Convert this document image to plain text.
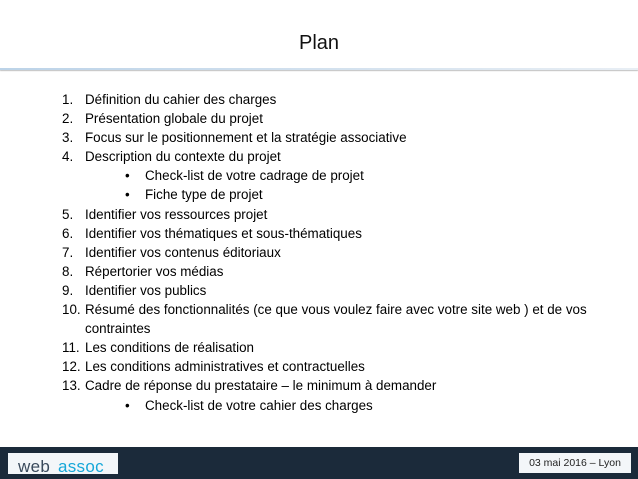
Plan
1. Définition du cahier des charges
2. Présentation globale du projet
3. Focus sur le positionnement et la stratégie associative
4. Description du contexte du projet
•	Check-list de votre cadrage de projet
•	Fiche type de projet
5. Identifier vos ressources projet
6. Identifier vos thématiques et sous-thématiques
7. Identifier vos contenus éditoriaux
8. Répertorier vos médias
9. Identifier vos publics
10. Résumé des fonctionnalités (ce que vous voulez faire avec votre site web ) et de vos contraintes
11. Les conditions de réalisation
12. Les conditions administratives et contractuelles
13. Cadre de réponse du prestataire – le minimum à demander
•	Check-list de votre cahier des charges
web assoc	03 mai 2016 – Lyon
